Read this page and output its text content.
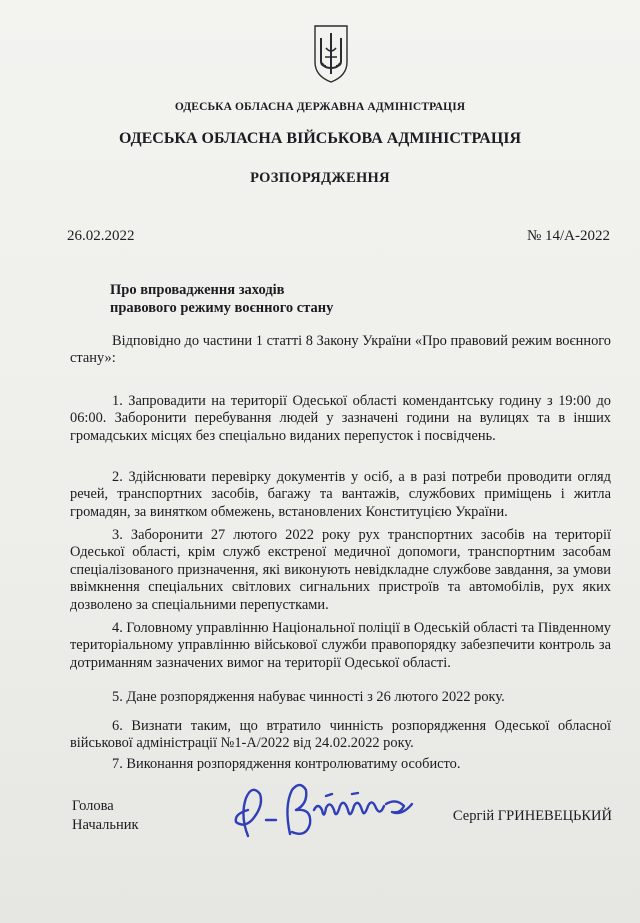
ОДЕСЬКА ОБЛАСНА ДЕРЖАВНА АДМІНІСТРАЦІЯ
ОДЕСЬКА ОБЛАСНА ВІЙСЬКОВА АДМІНІСТРАЦІЯ
РОЗПОРЯДЖЕННЯ
26.02.2022	№ 14/А-2022
Про впровадження заходів
правового режиму воєнного стану

Відповідно до частини 1 статті 8 Закону України «Про правовий режим воєнного стану»:

1. Запровадити на території Одеської області комендантську годину з 19:00 до 06:00. Заборонити перебування людей у зазначені години на вулицях та в інших громадських місцях без спеціально виданих перепусток і посвідчень.

2. Здійснювати перевірку документів у осіб, а в разі потреби проводити огляд речей, транспортних засобів, багажу та вантажів, службових приміщень і житла громадян, за винятком обмежень, встановлених Конституцією України.

3. Заборонити 27 лютого 2022 року рух транспортних засобів на території Одеської області, крім служб екстреної медичної допомоги, транспортним засобам спеціалізованого призначення, які виконують невідкладне службове завдання, за умови ввімкнення спеціальних світлових сигнальних пристроїв та автомобілів, рух яких дозволено за спеціальними перепустками.

4. Головному управлінню Національної поліції в Одеській області та Південному територіальному управлінню військової служби правопорядку забезпечити контроль за дотриманням зазначених вимог на території Одеської області.

5. Дане розпорядження набуває чинності з 26 лютого 2022 року.

6. Визнати таким, що втратило чинність розпорядження Одеської обласної військової адміністрації №1-А/2022 від 24.02.2022 року.

7. Виконання розпорядження контролюватиму особисто.

Голова
Начальник
Сергій ГРИНЕВЕЦЬКИЙ
